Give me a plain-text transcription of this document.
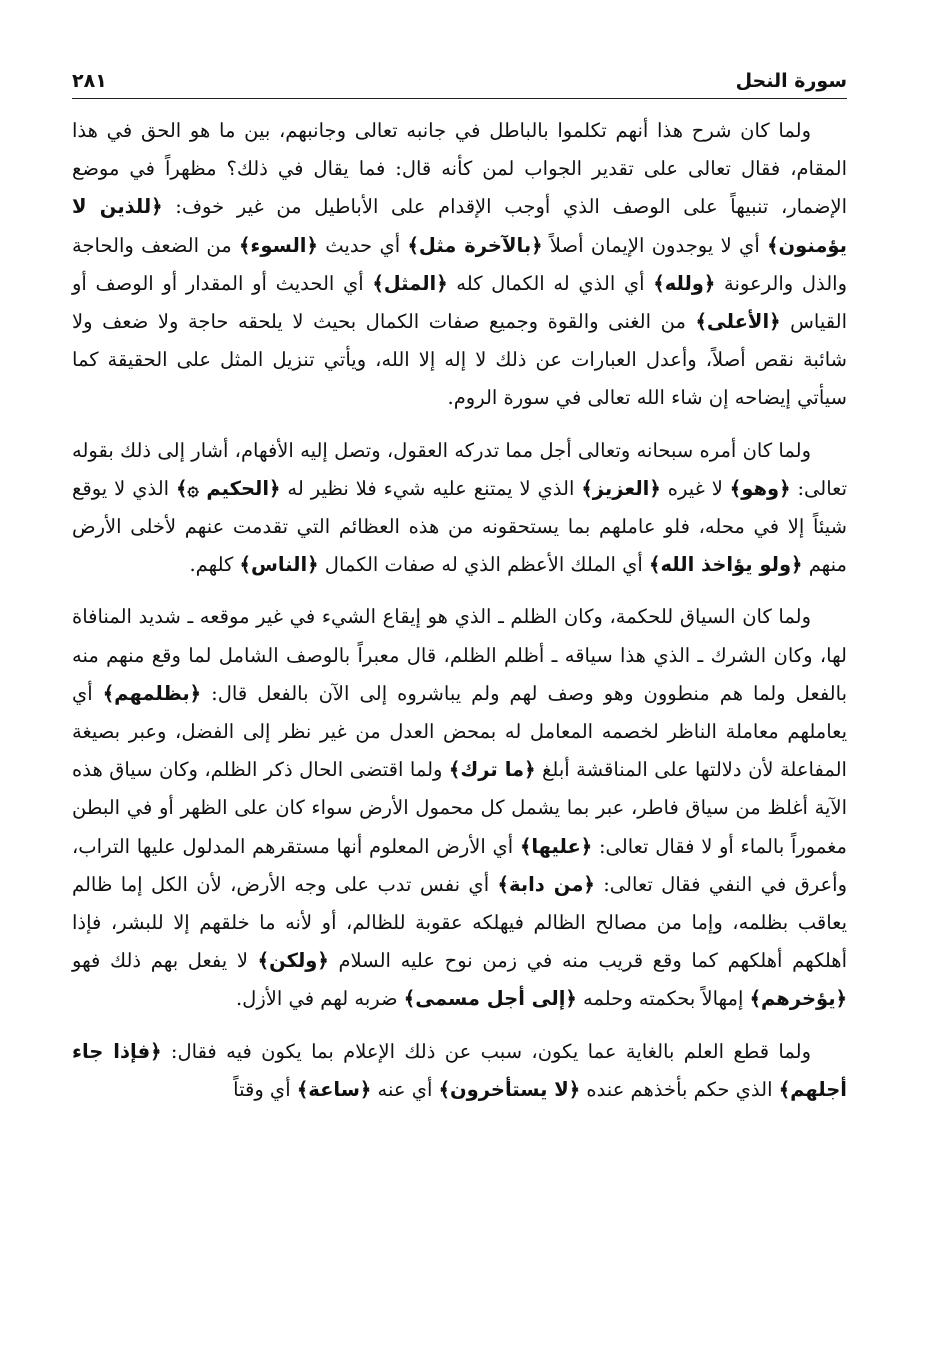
سورة النحل
٢٨١

ولما كان شرح هذا أنهم تكلموا بالباطل في جانبه تعالى وجانبهم، بين ما هو الحق في هذا المقام، فقال تعالى على تقدير الجواب لمن كأنه قال: فما يقال في ذلك؟ مظهراً في موضع الإضمار، تنبيهاً على الوصف الذي أوجب الإقدام على الأباطيل من غير خوف: ﴿للذين لا يؤمنون﴾ أي لا يوجدون الإيمان أصلاً ﴿بالآخرة مثل﴾ أي حديث ﴿السوء﴾ من الضعف والحاجة والذل والرعونة ﴿ولله﴾ أي الذي له الكمال كله ﴿المثل﴾ أي الحديث أو المقدار أو الوصف أو القياس ﴿الأعلى﴾ من الغنى والقوة وجميع صفات الكمال بحيث لا يلحقه حاجة ولا ضعف ولا شائبة نقص أصلاً، وأعدل العبارات عن ذلك لا إله إلا الله، ويأتي تنزيل المثل على الحقيقة كما سيأتي إيضاحه إن شاء الله تعالى في سورة الروم.

ولما كان أمره سبحانه وتعالى أجل مما تدركه العقول، وتصل إليه الأفهام، أشار إلى ذلك بقوله تعالى: ﴿وهو﴾ لا غيره ﴿العزيز﴾ الذي لا يمتنع عليه شيء فلا نظير له ﴿الحكيم ۞﴾ الذي لا يوقع شيئاً إلا في محله، فلو عاملهم بما يستحقونه من هذه العظائم التي تقدمت عنهم لأخلى الأرض منهم ﴿ولو يؤاخذ الله﴾ أي الملك الأعظم الذي له صفات الكمال ﴿الناس﴾ كلهم.

ولما كان السياق للحكمة، وكان الظلم ـ الذي هو إيقاع الشيء في غير موقعه ـ شديد المنافاة لها، وكان الشرك ـ الذي هذا سياقه ـ أظلم الظلم، قال معبراً بالوصف الشامل لما وقع منهم منه بالفعل ولما هم منطوون وهو وصف لهم ولم يباشروه إلى الآن بالفعل قال: ﴿بظلمهم﴾ أي يعاملهم معاملة الناظر لخصمه المعامل له بمحض العدل من غير نظر إلى الفضل، وعبر بصيغة المفاعلة لأن دلالتها على المناقشة أبلغ ﴿ما ترك﴾ ولما اقتضى الحال ذكر الظلم، وكان سياق هذه الآية أغلظ من سياق فاطر، عبر بما يشمل كل محمول الأرض سواء كان على الظهر أو في البطن مغموراً بالماء أو لا فقال تعالى: ﴿عليها﴾ أي الأرض المعلوم أنها مستقرهم المدلول عليها التراب، وأعرق في النفي فقال تعالى: ﴿من دابة﴾ أي نفس تدب على وجه الأرض، لأن الكل إما ظالم يعاقب بظلمه، وإما من مصالح الظالم فيهلكه عقوبة للظالم، أو لأنه ما خلقهم إلا للبشر، فإذا أهلكهم أهلكهم كما وقع قريب منه في زمن نوح عليه السلام ﴿ولكن﴾ لا يفعل بهم ذلك فهو ﴿يؤخرهم﴾ إمهالاً بحكمته وحلمه ﴿إلى أجل مسمى﴾ ضربه لهم في الأزل.

ولما قطع العلم بالغاية عما يكون، سبب عن ذلك الإعلام بما يكون فيه فقال: ﴿فإذا جاء أجلهم﴾ الذي حكم بأخذهم عنده ﴿لا يستأخرون﴾ أي عنه ﴿ساعة﴾ أي وقتاً
